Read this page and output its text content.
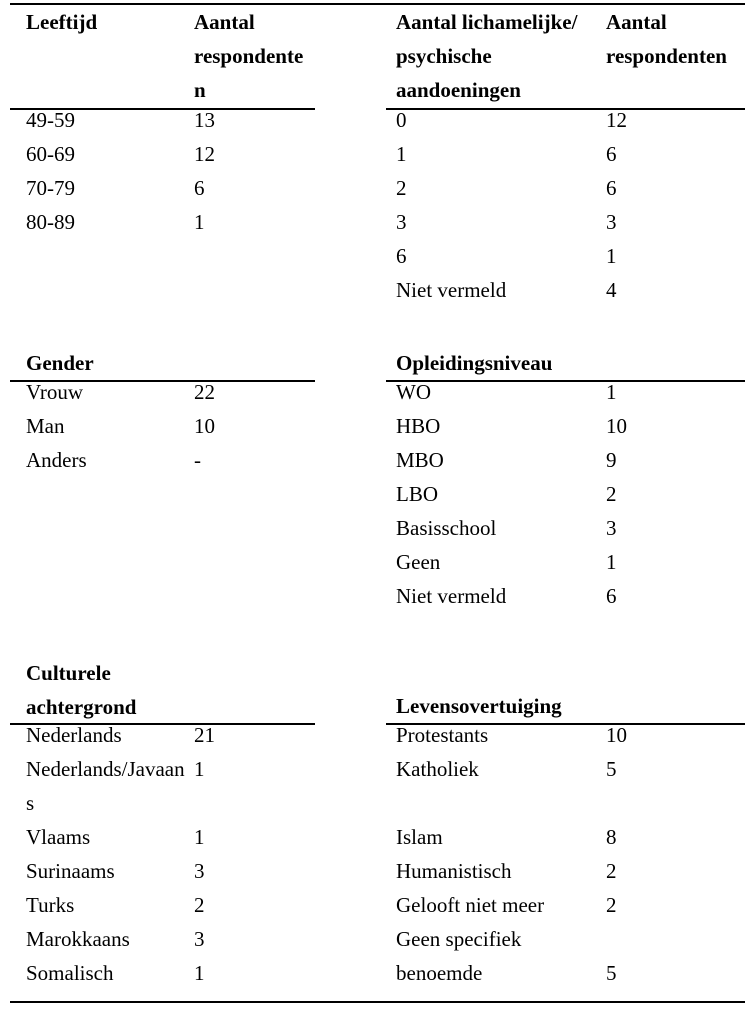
Leeftijd	Aantal
respondente
n
49-59	13
60-69	12
70-79	6
80-89	1
Aantal lichamelijke/
psychische
aandoeningen
Aantal
respondenten
0	12
1	6
2	6
3	3
6	1
Niet vermeld	4
Gender
Vrouw	22
Man	10
Anders	-
Opleidingsniveau
WO	1
HBO	10
MBO	9
LBO	2
Basisschool	3
Geen	1
Niet vermeld	6
Culturele
achtergrond
Nederlands	21
Nederlands/Javaan 1
s
Vlaams	1
Surinaams	3
Turks	2
Marokkaans	3
Somalisch	1
Levensovertuiging
Protestants	10
Katholiek	5
Islam	8
Humanistisch	2
Gelooft niet meer	2
Geen specifiek
benoemde	5
